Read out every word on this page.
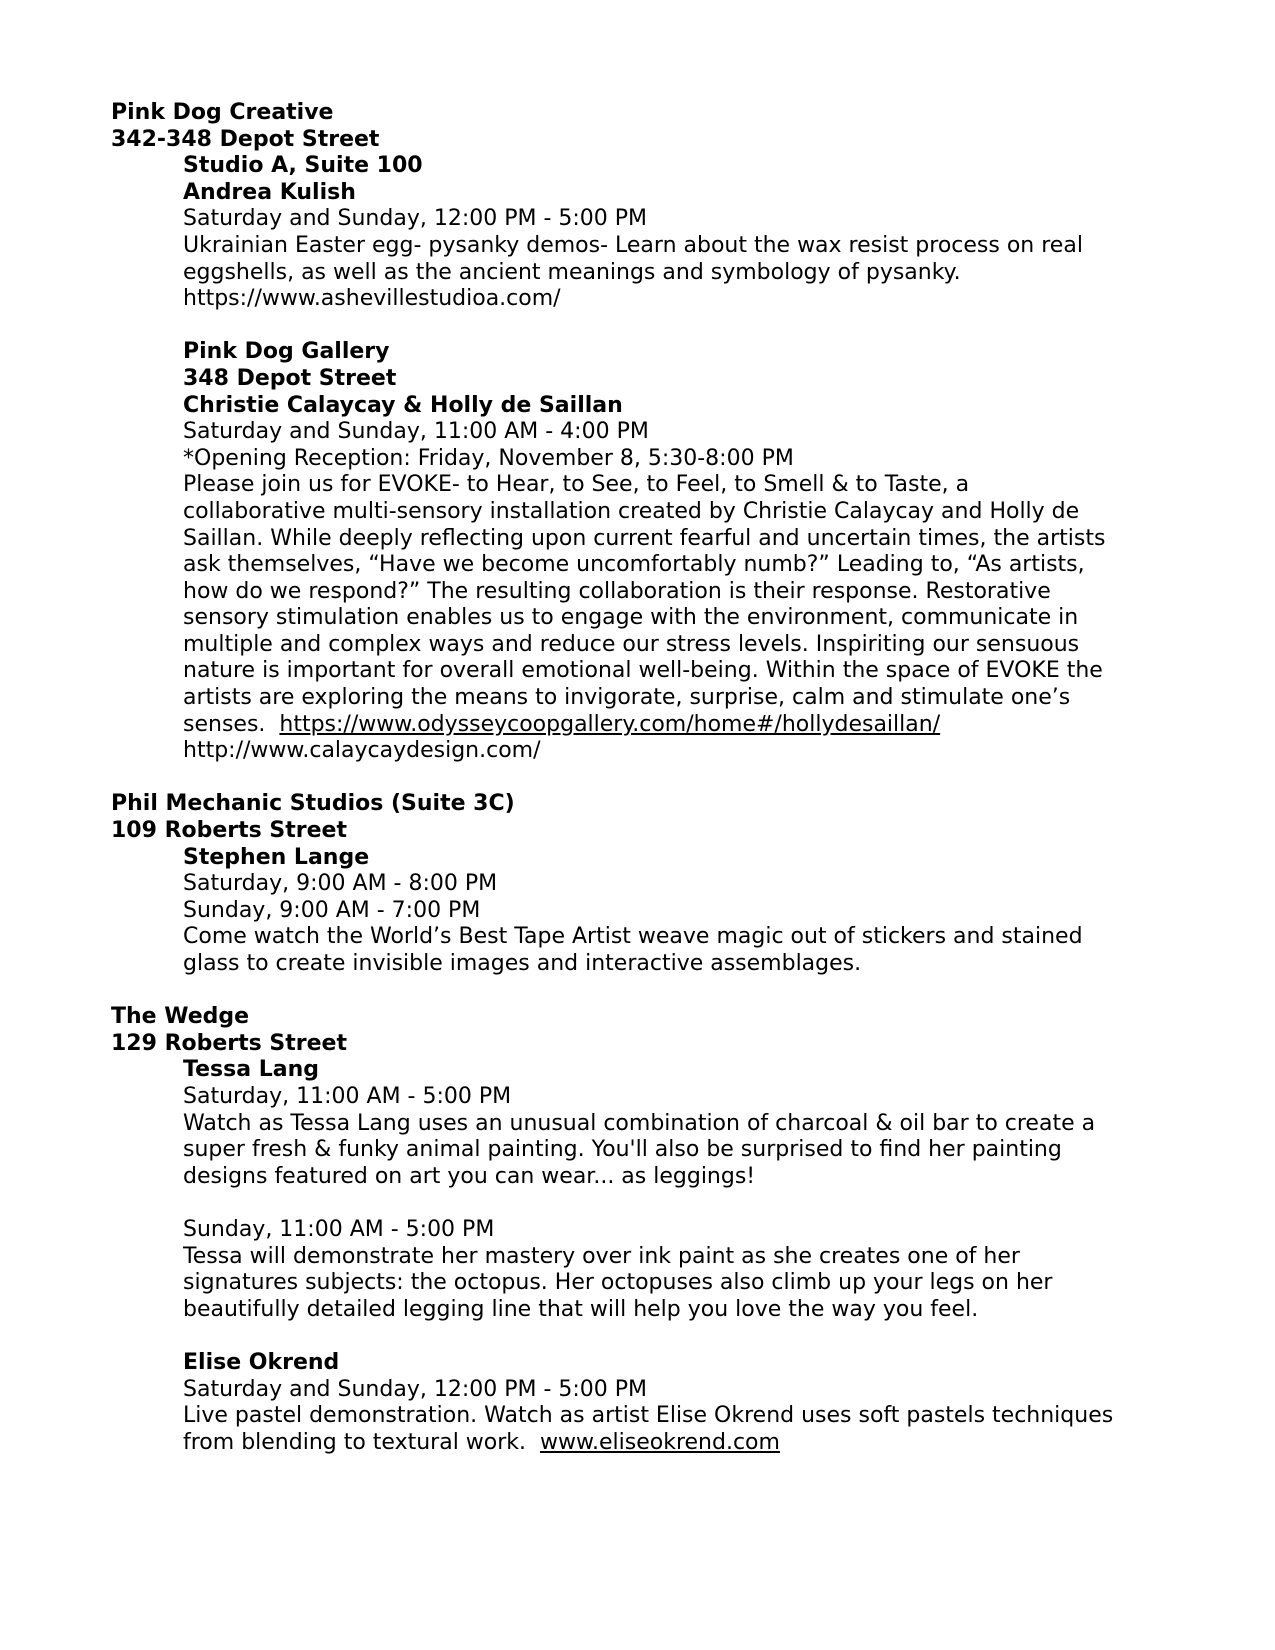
Pink Dog Creative

342-348 Depot Street

Studio A, Suite 100

Andrea Kulish

Saturday and Sunday, 12:00 PM - 5:00 PM

Ukrainian Easter egg- pysanky demos- Learn about the wax resist process on real

eggshells, as well as the ancient meanings and symbology of pysanky.

https://www.ashevillestudioa.com/

Pink Dog Gallery

348 Depot Street

Christie Calaycay & Holly de Saillan

Saturday and Sunday, 11:00 AM - 4:00 PM

*Opening Reception: Friday, November 8, 5:30-8:00 PM

Please join us for EVOKE- to Hear, to See, to Feel, to Smell & to Taste, a

collaborative multi-sensory installation created by Christie Calaycay and Holly de

Saillan. While deeply reflecting upon current fearful and uncertain times, the artists

ask themselves, “Have we become uncomfortably numb?” Leading to, “As artists,

how do we respond?” The resulting collaboration is their response. Restorative

sensory stimulation enables us to engage with the environment, communicate in

multiple and complex ways and reduce our stress levels. Inspiriting our sensuous

nature is important for overall emotional well-being. Within the space of EVOKE the

artists are exploring the means to invigorate, surprise, calm and stimulate one’s

senses.  https://www.odysseycoopgallery.com/home#/hollydesaillan/

http://www.calaycaydesign.com/

Phil Mechanic Studios (Suite 3C)

109 Roberts Street

Stephen Lange

Saturday, 9:00 AM - 8:00 PM

Sunday, 9:00 AM - 7:00 PM

Come watch the World’s Best Tape Artist weave magic out of stickers and stained

glass to create invisible images and interactive assemblages.

The Wedge

129 Roberts Street

Tessa Lang

Saturday, 11:00 AM - 5:00 PM

Watch as Tessa Lang uses an unusual combination of charcoal & oil bar to create a

super fresh & funky animal painting. You'll also be surprised to find her painting

designs featured on art you can wear... as leggings!

Sunday, 11:00 AM - 5:00 PM

Tessa will demonstrate her mastery over ink paint as she creates one of her

signatures subjects: the octopus. Her octopuses also climb up your legs on her

beautifully detailed legging line that will help you love the way you feel.

Elise Okrend

Saturday and Sunday, 12:00 PM - 5:00 PM

Live pastel demonstration. Watch as artist Elise Okrend uses soft pastels techniques

from blending to textural work.  www.eliseokrend.com
